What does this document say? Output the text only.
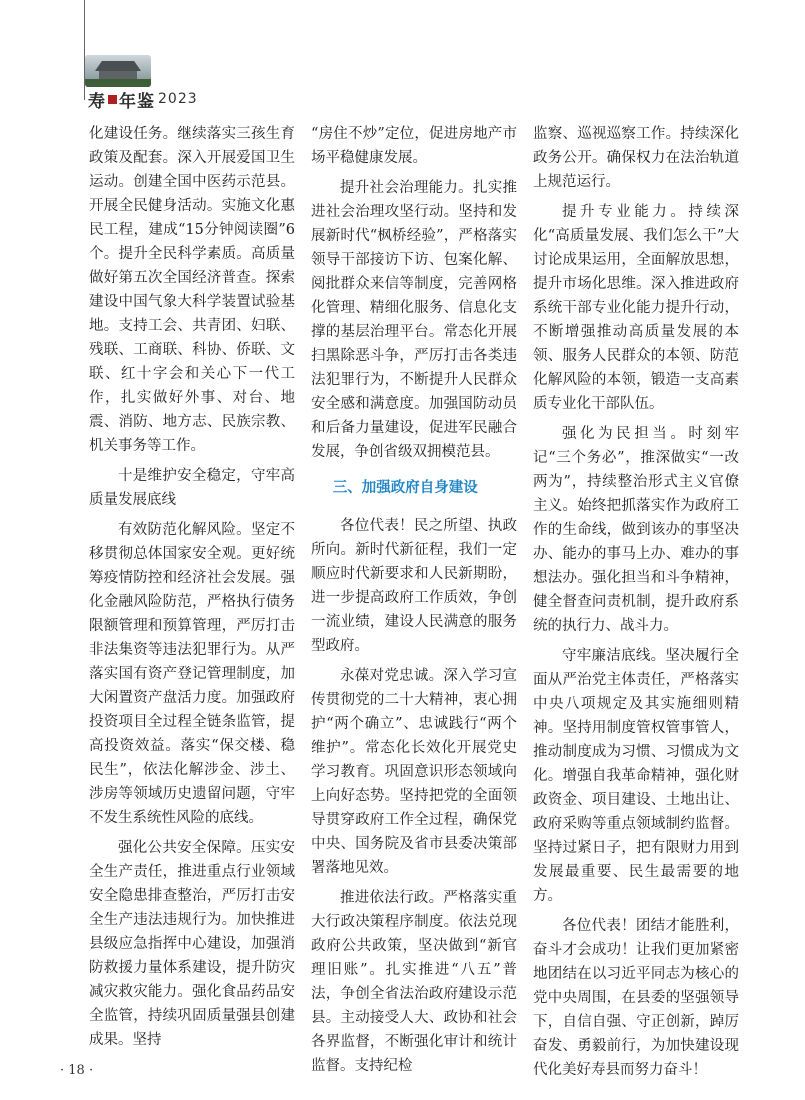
寿 年鉴 2023

化建设任务。继续落实三孩生育政策及配套。深入开展爱国卫生运动。创建全国中医药示范县。开展全民健身活动。实施文化惠民工程，建成“15分钟阅读圈”6个。提升全民科学素质。高质量做好第五次全国经济普查。探索建设中国气象大科学装置试验基地。支持工会、共青团、妇联、残联、工商联、科协、侨联、文联、红十字会和关心下一代工作，扎实做好外事、对台、地震、消防、地方志、民族宗教、机关事务等工作。

十是维护安全稳定，守牢高质量发展底线

有效防范化解风险。坚定不移贯彻总体国家安全观。更好统筹疫情防控和经济社会发展。强化金融风险防范，严格执行债务限额管理和预算管理，严厉打击非法集资等违法犯罪行为。从严落实国有资产登记管理制度，加大闲置资产盘活力度。加强政府投资项目全过程全链条监管，提高投资效益。落实“保交楼、稳民生”，依法化解涉金、涉土、涉房等领域历史遗留问题，守牢不发生系统性风险的底线。

强化公共安全保障。压实安全生产责任，推进重点行业领域安全隐患排查整治，严厉打击安全生产违法违规行为。加快推进县级应急指挥中心建设，加强消防救援力量体系建设，提升防灾减灾救灾能力。强化食品药品安全监管，持续巩固质量强县创建成果。坚持

“房住不炒”定位，促进房地产市场平稳健康发展。

提升社会治理能力。扎实推进社会治理攻坚行动。坚持和发展新时代“枫桥经验”，严格落实领导干部接访下访、包案化解、阅批群众来信等制度，完善网格化管理、精细化服务、信息化支撑的基层治理平台。常态化开展扫黑除恶斗争，严厉打击各类违法犯罪行为，不断提升人民群众安全感和满意度。加强国防动员和后备力量建设，促进军民融合发展，争创省级双拥模范县。

三、加强政府自身建设

各位代表！民之所望、执政所向。新时代新征程，我们一定顺应时代新要求和人民新期盼，进一步提高政府工作质效，争创一流业绩，建设人民满意的服务型政府。

永葆对党忠诚。深入学习宣传贯彻党的二十大精神，衷心拥护“两个确立”、忠诚践行“两个维护”。常态化长效化开展党史学习教育。巩固意识形态领域向上向好态势。坚持把党的全面领导贯穿政府工作全过程，确保党中央、国务院及省市县委决策部署落地见效。

推进依法行政。严格落实重大行政决策程序制度。依法兑现政府公共政策，坚决做到“新官理旧账”。扎实推进“八五”普法，争创全省法治政府建设示范县。主动接受人大、政协和社会各界监督，不断强化审计和统计监督。支持纪检

监察、巡视巡察工作。持续深化政务公开。确保权力在法治轨道上规范运行。

提升专业能力。持续深化“高质量发展、我们怎么干”大讨论成果运用，全面解放思想，提升市场化思维。深入推进政府系统干部专业化能力提升行动，不断增强推动高质量发展的本领、服务人民群众的本领、防范化解风险的本领，锻造一支高素质专业化干部队伍。

强化为民担当。时刻牢记“三个务必”，推深做实“一改两为”，持续整治形式主义官僚主义。始终把抓落实作为政府工作的生命线，做到该办的事坚决办、能办的事马上办、难办的事想法办。强化担当和斗争精神，健全督查问责机制，提升政府系统的执行力、战斗力。

守牢廉洁底线。坚决履行全面从严治党主体责任，严格落实中央八项规定及其实施细则精神。坚持用制度管权管事管人，推动制度成为习惯、习惯成为文化。增强自我革命精神，强化财政资金、项目建设、土地出让、政府采购等重点领域制约监督。坚持过紧日子，把有限财力用到发展最重要、民生最需要的地方。

各位代表！团结才能胜利，奋斗才会成功！让我们更加紧密地团结在以习近平同志为核心的党中央周围，在县委的坚强领导下，自信自强、守正创新，踔厉奋发、勇毅前行，为加快建设现代化美好寿县而努力奋斗！

· 18 ·
